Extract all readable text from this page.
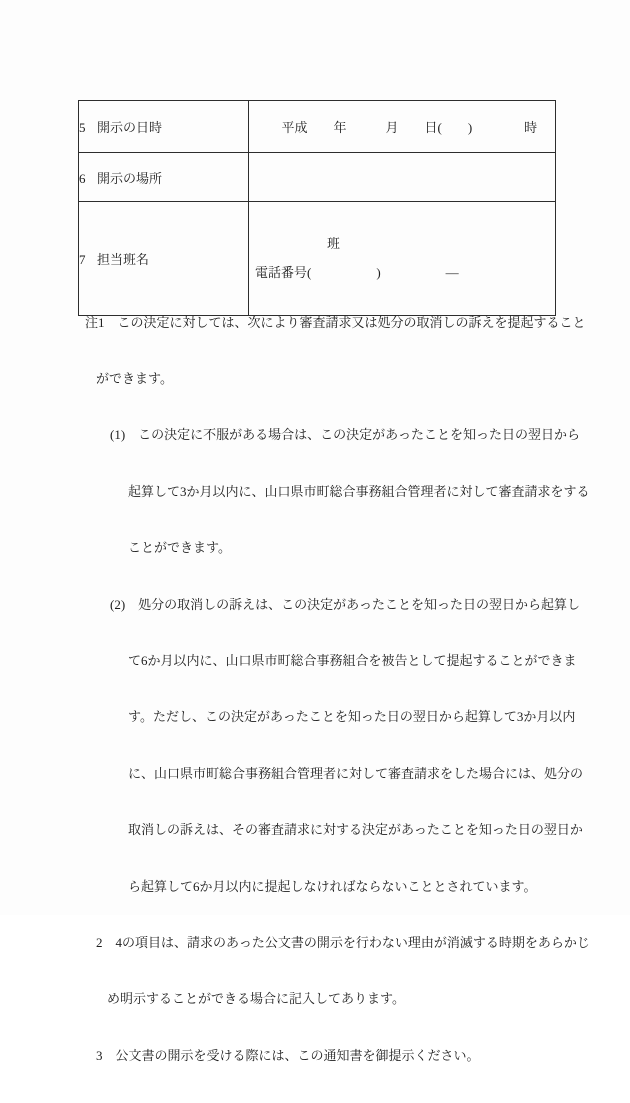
5 開示の日時	平成　　年　　　月　　日(　　)　　　　時

6 開示の場所	

7 担当班名	班
電話番号(　　　　　)　　　　　—

注1　この決定に対しては、次により審査請求又は処分の取消しの訴えを提起すること

ができます。

(1)　この決定に不服がある場合は、この決定があったことを知った日の翌日から

起算して3か月以内に、山口県市町総合事務組合管理者に対して審査請求をする

ことができます。

(2)　処分の取消しの訴えは、この決定があったことを知った日の翌日から起算し

て6か月以内に、山口県市町総合事務組合を被告として提起することができま

す。ただし、この決定があったことを知った日の翌日から起算して3か月以内

に、山口県市町総合事務組合管理者に対して審査請求をした場合には、処分の

取消しの訴えは、その審査請求に対する決定があったことを知った日の翌日か

ら起算して6か月以内に提起しなければならないこととされています。

2　4の項目は、請求のあった公文書の開示を行わない理由が消滅する時期をあらかじ

め明示することができる場合に記入してあります。

3　公文書の開示を受ける際には、この通知書を御提示ください。
